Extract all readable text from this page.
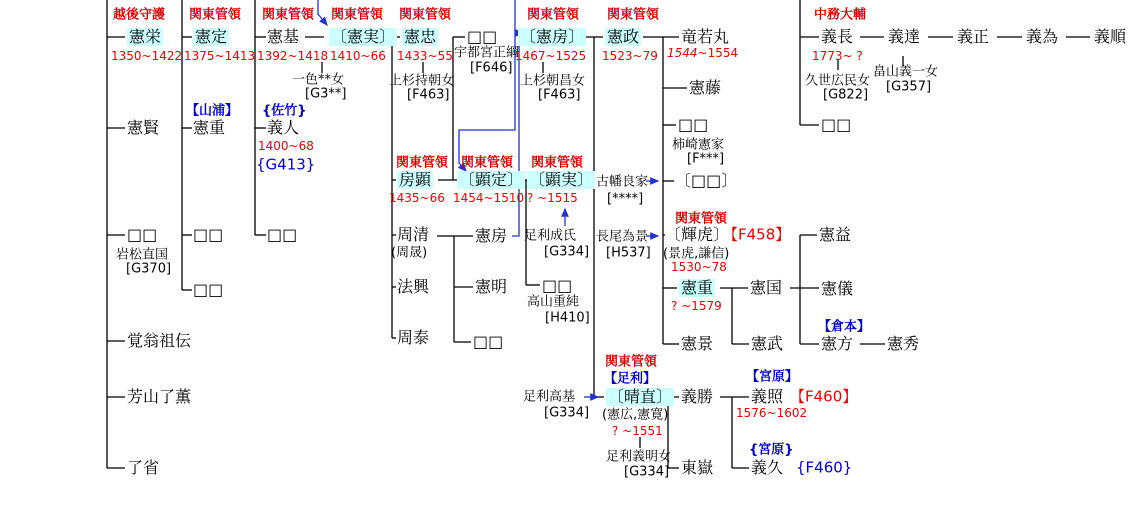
越後守護
憲栄
1350~1422
関東管領
憲定
1375~1413
関東管領
憲基
1392~1418
関東管領
〔憲実〕
1410~66
一色**女
[G3**]
関東管領
憲忠
1433~55
上杉持朝女
[F463]
□□
宇都宮正綱
[F646]
関東管領
〔憲房〕
1467~1525
上杉朝昌女
[F463]
関東管領
憲政
1523~79
竜若丸
1544~1554
中務大輔
義長
1773~ ?
久世広民女
[G822]
義達
畠山義一女
[G357]
義正 義為 義順
【山浦】 {佐竹}
憲賢 憲重	義人
1400~68
{G413}
□□
岩松直国
[G370]
覚翁祖伝
芳山了薫
了省
□□
□□
□□
関東管領
房顕
1435~66
周清
(周晟)
法興
周泰
憲房
憲明
□□
関東管領
〔顕定〕
1454~1510
関東管領
〔顕実〕
? ~1515
足利成氏
[G334]
□□
高山重純
[H410]
古幡良家
[****]
長尾為景
[H537]
憲藤
□□
柿崎憲家
[F***]
〔□□〕
関東管領
〔輝虎〕
【F458】
(景虎,謙信)
1530~78
憲重
? ~1579
憲景
憲国
憲武
憲益
憲儀
【倉本】
憲方 憲秀
□□
関東管領
【足利】
〔晴直〕
(憲広,憲寛)
? ~1551
足利義明女
[G334]
足利高基
[G334]
義勝
東嶽
【宮原】
義照 【F460】
1576~1602
{宮原}
義久 {F460}
